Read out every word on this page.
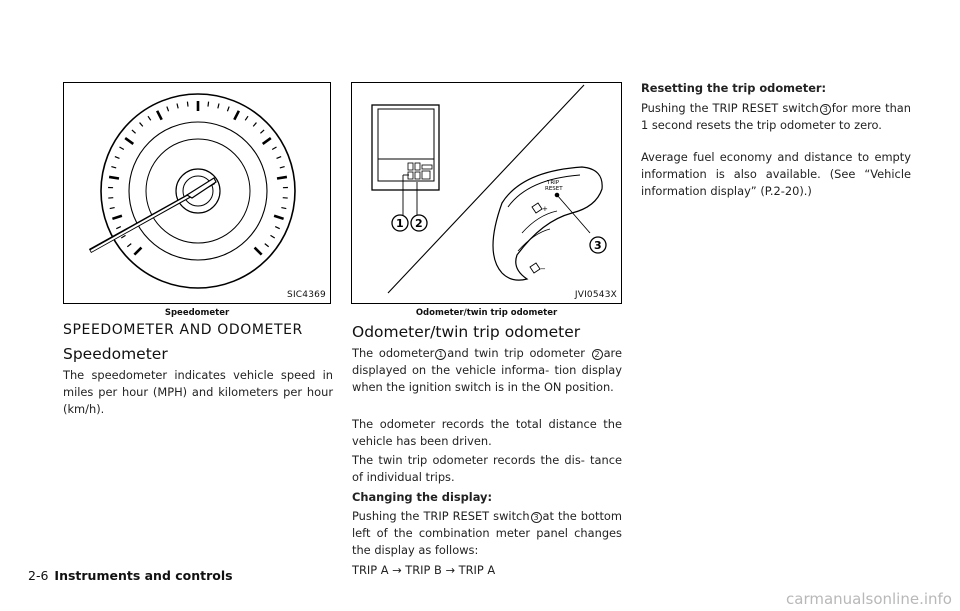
SIC4369
Speedometer
SPEEDOMETER AND ODOMETER
Speedometer
The speedometer indicates vehicle speed in miles per hour (MPH) and kilometers per hour (km/h).
+
−
TRIP
RESET
1 2
3
JVI0543X
Odometer/twin trip odometer
Odometer/twin trip odometer
The odometer 1 and twin trip odometer 2 are displayed on the vehicle informa- tion display when the ignition switch is in the ON position.
The odometer records the total distance the vehicle has been driven.
The twin trip odometer records the dis- tance of individual trips.
Changing the display:
Pushing the TRIP RESET switch 3 at the bottom left of the combination meter panel changes the display as follows:
TRIP A → TRIP B → TRIP A
Resetting the trip odometer:
Pushing the TRIP RESET switch 3 for more than 1 second resets the trip odometer to zero.
Average fuel economy and distance to empty information is also available. (See “Vehicle information display” (P.2-20).)
2-6 Instruments and controls
carmanualsonline.info
